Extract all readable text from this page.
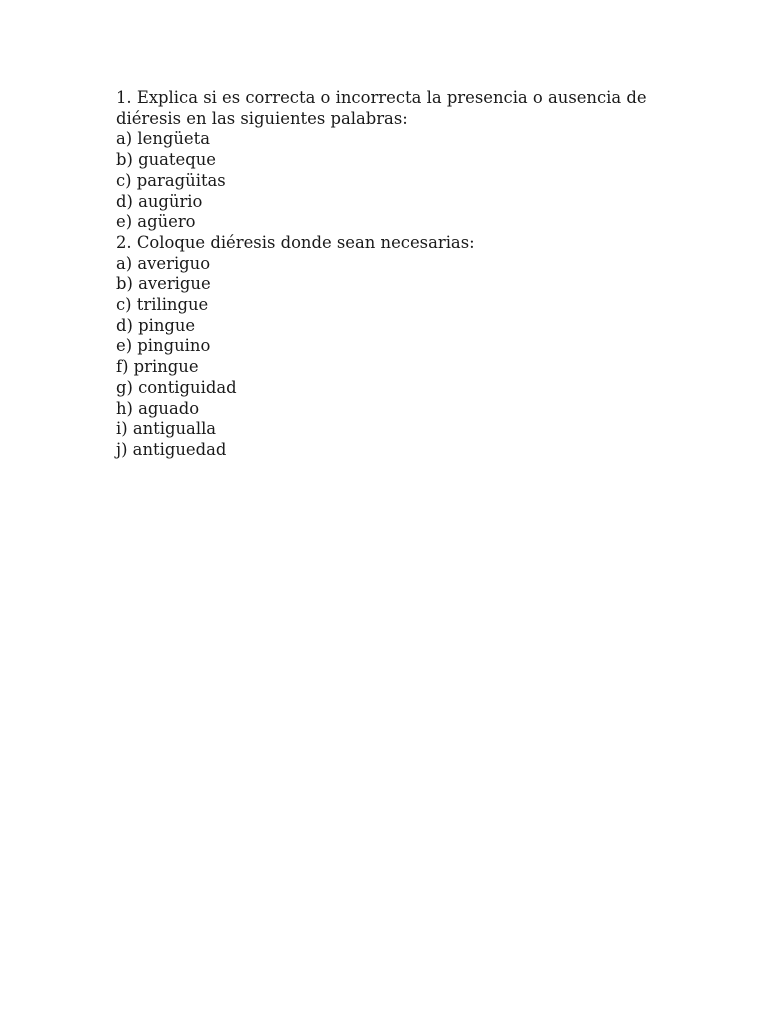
1. Explica si es correcta o incorrecta la presencia o ausencia de
diéresis en las siguientes palabras:
a) lengüeta
b) guateque
c) paragüitas
d) augürio
e) agüero
2. Coloque diéresis donde sean necesarias:
a) averiguo
b) averigue
c) trilingue
d) pingue
e) pinguino
f) pringue
g) contiguidad
h) aguado
i) antigualla
j) antiguedad
